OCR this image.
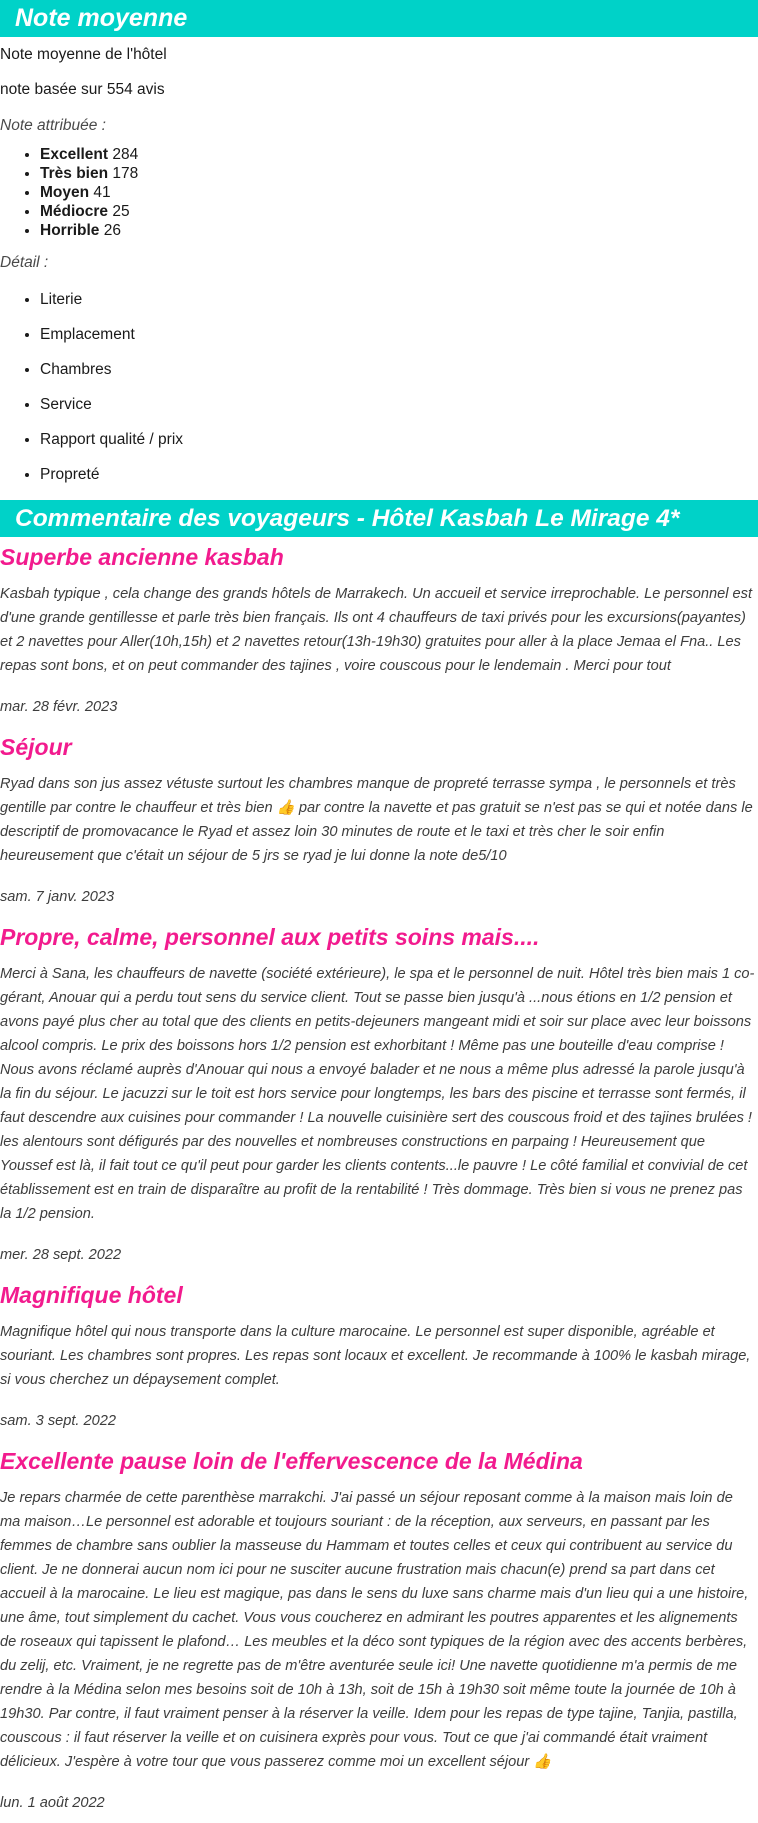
Note moyenne

Note moyenne de l'hôtel

note basée sur 554 avis

Note attribuée :

• Excellent 284
• Très bien 178
• Moyen 41
• Médiocre 25
• Horrible 26

Détail :

• Literie
• Emplacement
• Chambres
• Service
• Rapport qualité / prix
• Propreté
Commentaire des voyageurs - Hôtel Kasbah Le Mirage 4*
Superbe ancienne kasbah

Kasbah typique , cela change des grands hôtels de Marrakech. Un accueil et service irreprochable. Le personnel est d'une grande gentillesse et parle très bien français. Ils ont 4 chauffeurs de taxi privés pour les excursions(payantes) et 2 navettes pour Aller(10h,15h) et 2 navettes retour(13h-19h30) gratuites pour aller à la place Jemaa el Fna.. Les repas sont bons, et on peut commander des tajines , voire couscous pour le lendemain . Merci pour tout

mar. 28 févr. 2023

Séjour

Ryad dans son jus assez vétuste surtout les chambres manque de propreté terrasse sympa , le personnels et très gentille par contre le chauffeur et très bien 👍 par contre la navette et pas gratuit se n'est pas se qui et notée dans le descriptif de promovacance le Ryad et assez loin 30 minutes de route et le taxi et très cher le soir enfin heureusement que c'était un séjour de 5 jrs se ryad je lui donne la note de5/10

sam. 7 janv. 2023

Propre, calme, personnel aux petits soins mais....

Merci à Sana, les chauffeurs de navette (société extérieure), le spa et le personnel de nuit. Hôtel très bien mais 1 co-gérant, Anouar qui a perdu tout sens du service client. Tout se passe bien jusqu'à ...nous étions en 1/2 pension et avons payé plus cher au total que des clients en petits-dejeuners mangeant midi et soir sur place avec leur boissons alcool compris. Le prix des boissons hors 1/2 pension est exhorbitant ! Même pas une bouteille d'eau comprise ! Nous avons réclamé auprès d'Anouar qui nous a envoyé balader et ne nous a même plus adressé la parole jusqu'à la fin du séjour. Le jacuzzi sur le toit est hors service pour longtemps, les bars des piscine et terrasse sont fermés, il faut descendre aux cuisines pour commander ! La nouvelle cuisinière sert des couscous froid et des tajines brulées ! les alentours sont défigurés par des nouvelles et nombreuses constructions en parpaing ! Heureusement que Youssef est là, il fait tout ce qu'il peut pour garder les clients contents...le pauvre ! Le côté familial et convivial de cet établissement est en train de disparaître au profit de la rentabilité ! Très dommage. Très bien si vous ne prenez pas la 1/2 pension.

mer. 28 sept. 2022

Magnifique hôtel

Magnifique hôtel qui nous transporte dans la culture marocaine. Le personnel est super disponible, agréable et souriant. Les chambres sont propres. Les repas sont locaux et excellent. Je recommande à 100% le kasbah mirage, si vous cherchez un dépaysement complet.

sam. 3 sept. 2022

Excellente pause loin de l'effervescence de la Médina

Je repars charmée de cette parenthèse marrakchi. J'ai passé un séjour reposant comme à la maison mais loin de ma maison…Le personnel est adorable et toujours souriant : de la réception, aux serveurs, en passant par les femmes de chambre sans oublier la masseuse du Hammam et toutes celles et ceux qui contribuent au service du client. Je ne donnerai aucun nom ici pour ne susciter aucune frustration mais chacun(e) prend sa part dans cet accueil à la marocaine. Le lieu est magique, pas dans le sens du luxe sans charme mais d'un lieu qui a une histoire, une âme, tout simplement du cachet. Vous vous coucherez en admirant les poutres apparentes et les alignements de roseaux qui tapissent le plafond… Les meubles et la déco sont typiques de la région avec des accents berbères, du zelij, etc. Vraiment, je ne regrette pas de m'être aventurée seule ici! Une navette quotidienne m'a permis de me rendre à la Médina selon mes besoins soit de 10h à 13h, soit de 15h à 19h30 soit même toute la journée de 10h à 19h30. Par contre, il faut vraiment penser à la réserver la veille. Idem pour les repas de type tajine, Tanjia, pastilla, couscous : il faut réserver la veille et on cuisinera exprès pour vous. Tout ce que j'ai commandé était vraiment délicieux. J'espère à votre tour que vous passerez comme moi un excellent séjour 👍

lun. 1 août 2022
